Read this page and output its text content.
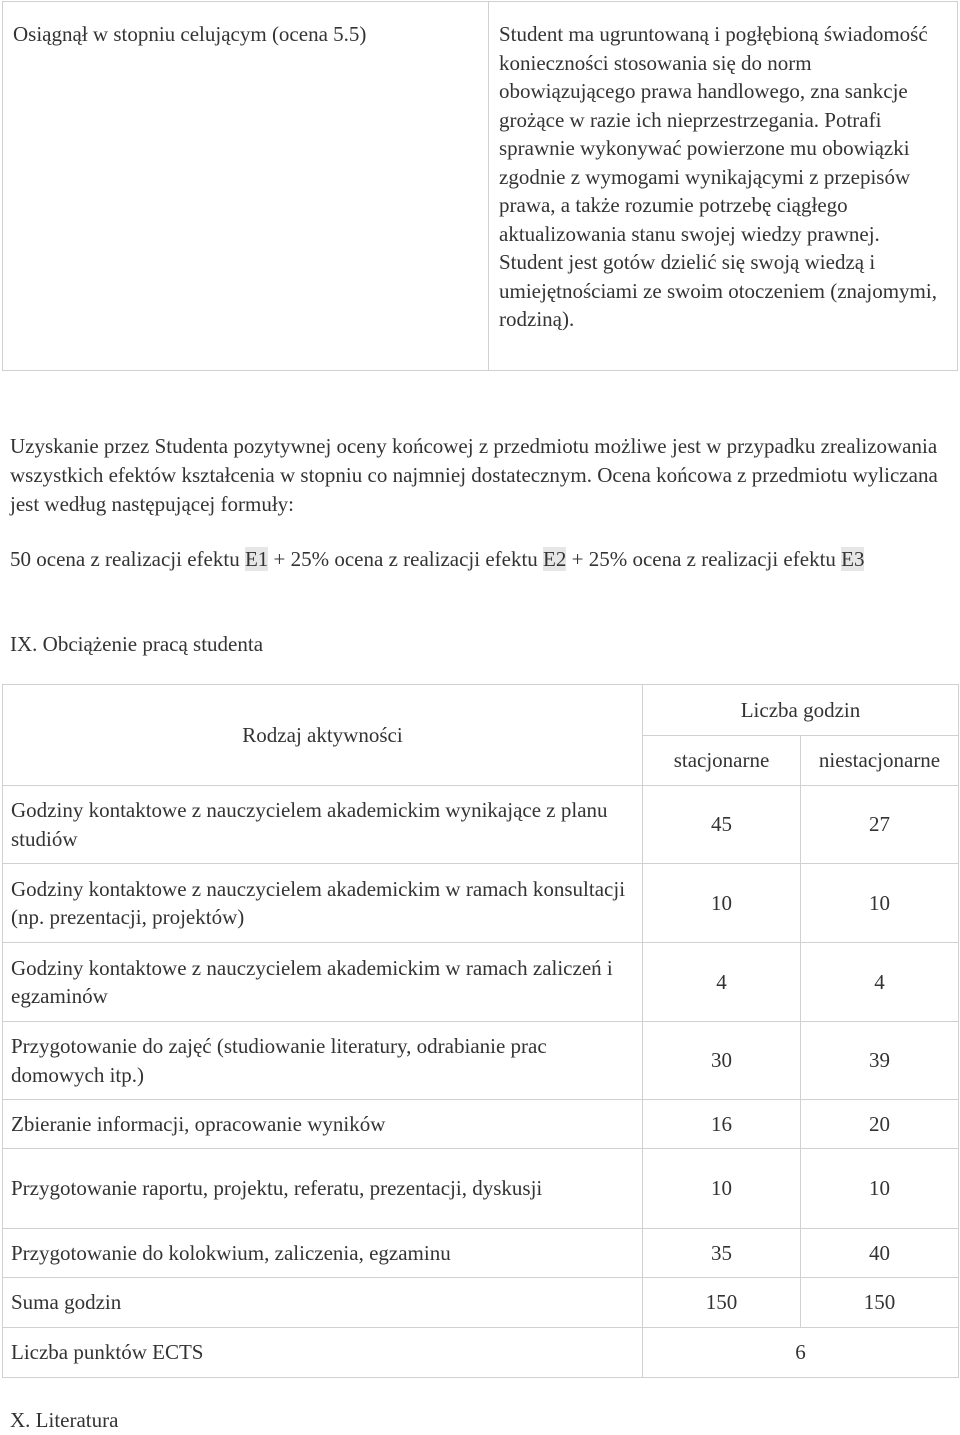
Osiągnął w stopniu celującym (ocena 5.5)	Student ma ugruntowaną i pogłębioną świadomość konieczności stosowania się do norm obowiązującego prawa handlowego, zna sankcje grożące w razie ich nieprzestrzegania. Potrafi sprawnie wykonywać powierzone mu obowiązki zgodnie z wymogami wynikającymi z przepisów prawa, a także rozumie potrzebę ciągłego aktualizowania stanu swojej wiedzy prawnej. Student jest gotów dzielić się swoją wiedzą i umiejętnościami ze swoim otoczeniem (znajomymi, rodziną).

Uzyskanie przez Studenta pozytywnej oceny końcowej z przedmiotu możliwe jest w przypadku zrealizowania wszystkich efektów kształcenia w stopniu co najmniej dostatecznym. Ocena końcowa z przedmiotu wyliczana jest według następującej formuły:

50 ocena z realizacji efektu E1 + 25% ocena z realizacji efektu E2 + 25% ocena z realizacji efektu E3

IX. Obciążenie pracą studenta
Rodzaj aktywności	Liczba godzin	
	stacjonarne	niestacjonarne
Godziny kontaktowe z nauczycielem akademickim wynikające z planu studiów	45	27
Godziny kontaktowe z nauczycielem akademickim w ramach konsultacji (np. prezentacji, projektów)	10	10
Godziny kontaktowe z nauczycielem akademickim w ramach zaliczeń i egzaminów	4	4
Przygotowanie do zajęć (studiowanie literatury, odrabianie prac domowych itp.)	30	39
Zbieranie informacji, opracowanie wyników	16	20
Przygotowanie raportu, projektu, referatu, prezentacji, dyskusji	10	10
Przygotowanie do kolokwium, zaliczenia, egzaminu	35	40
Suma godzin	150	150
Liczba punktów ECTS	6	
X. Literatura
